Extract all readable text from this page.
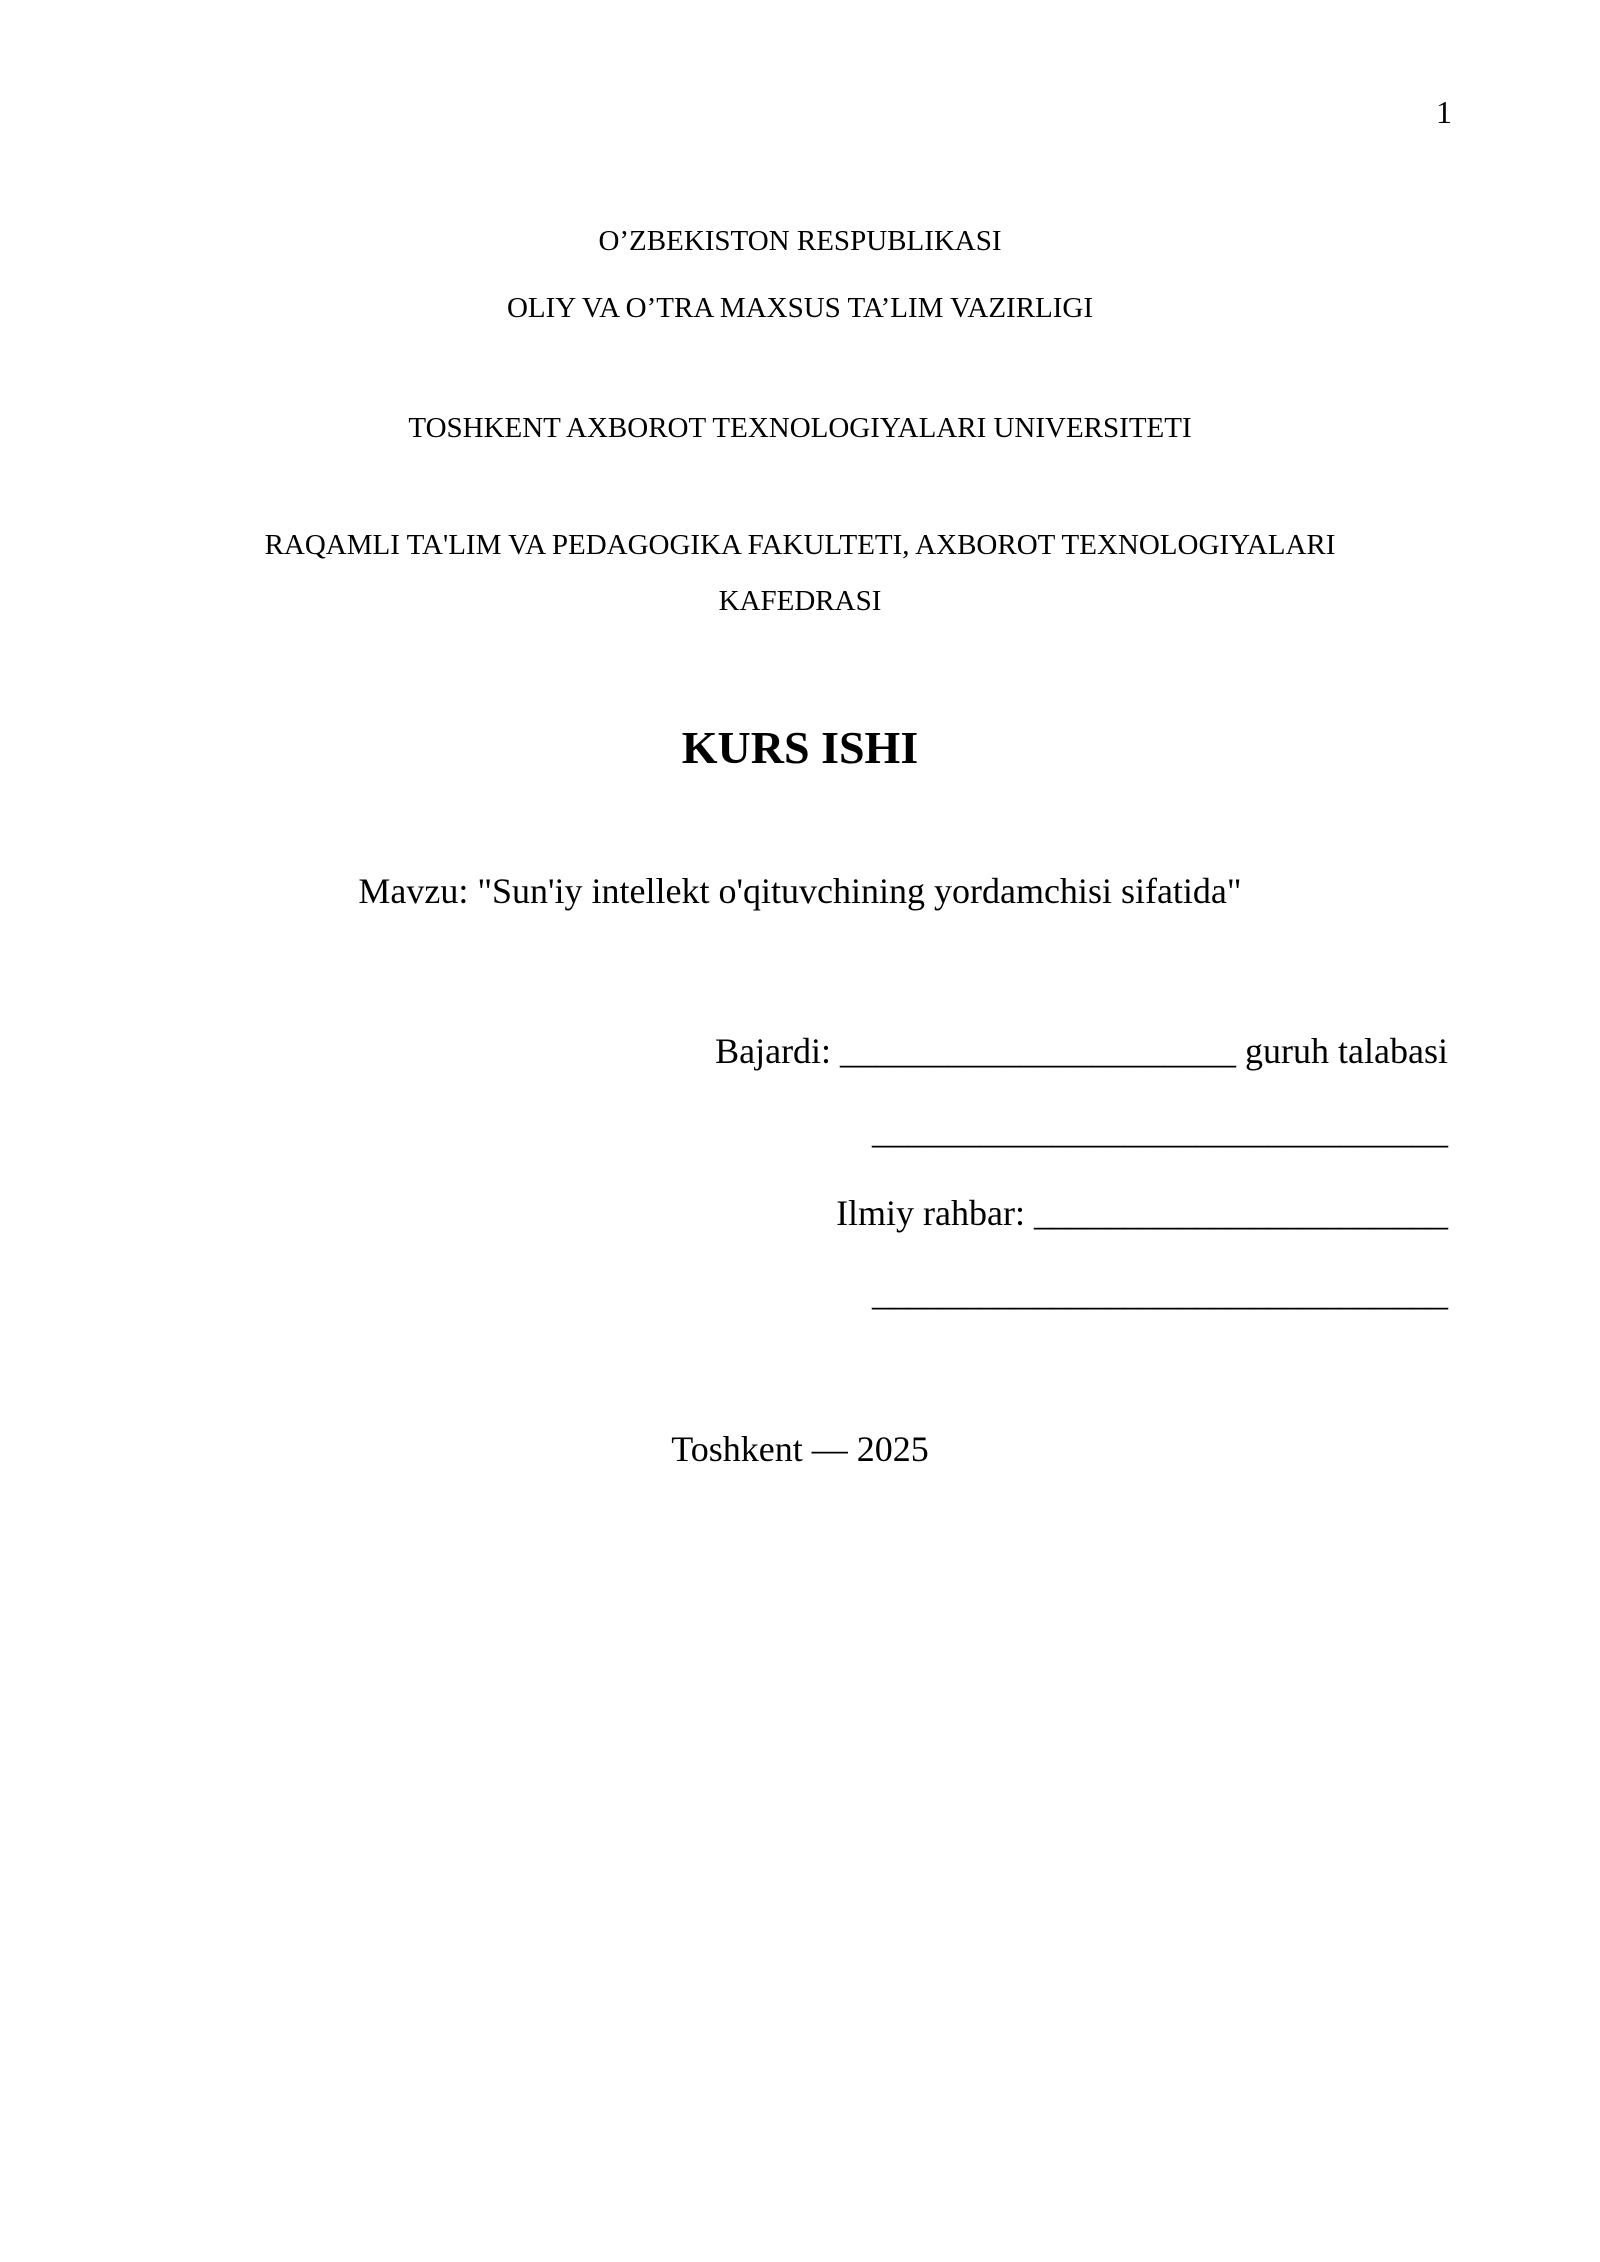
1
O’ZBEKISTON RESPUBLIKASI
OLIY VA O’TRA MAXSUS TA’LIM VAZIRLIGI
TOSHKENT AXBOROT TEXNOLOGIYALARI UNIVERSITETI
RAQAMLI TA'LIM VA PEDAGOGIKA FAKULTETI, AXBOROT TEXNOLOGIYALARI
KAFEDRASI
KURS ISHI
Mavzu: "Sun'iy intellekt o'qituvchining yordamchisi sifatida"
Bajardi: ______________________ guruh talabasi
________________________________
Ilmiy rahbar: _______________________
________________________________
Toshkent — 2025
